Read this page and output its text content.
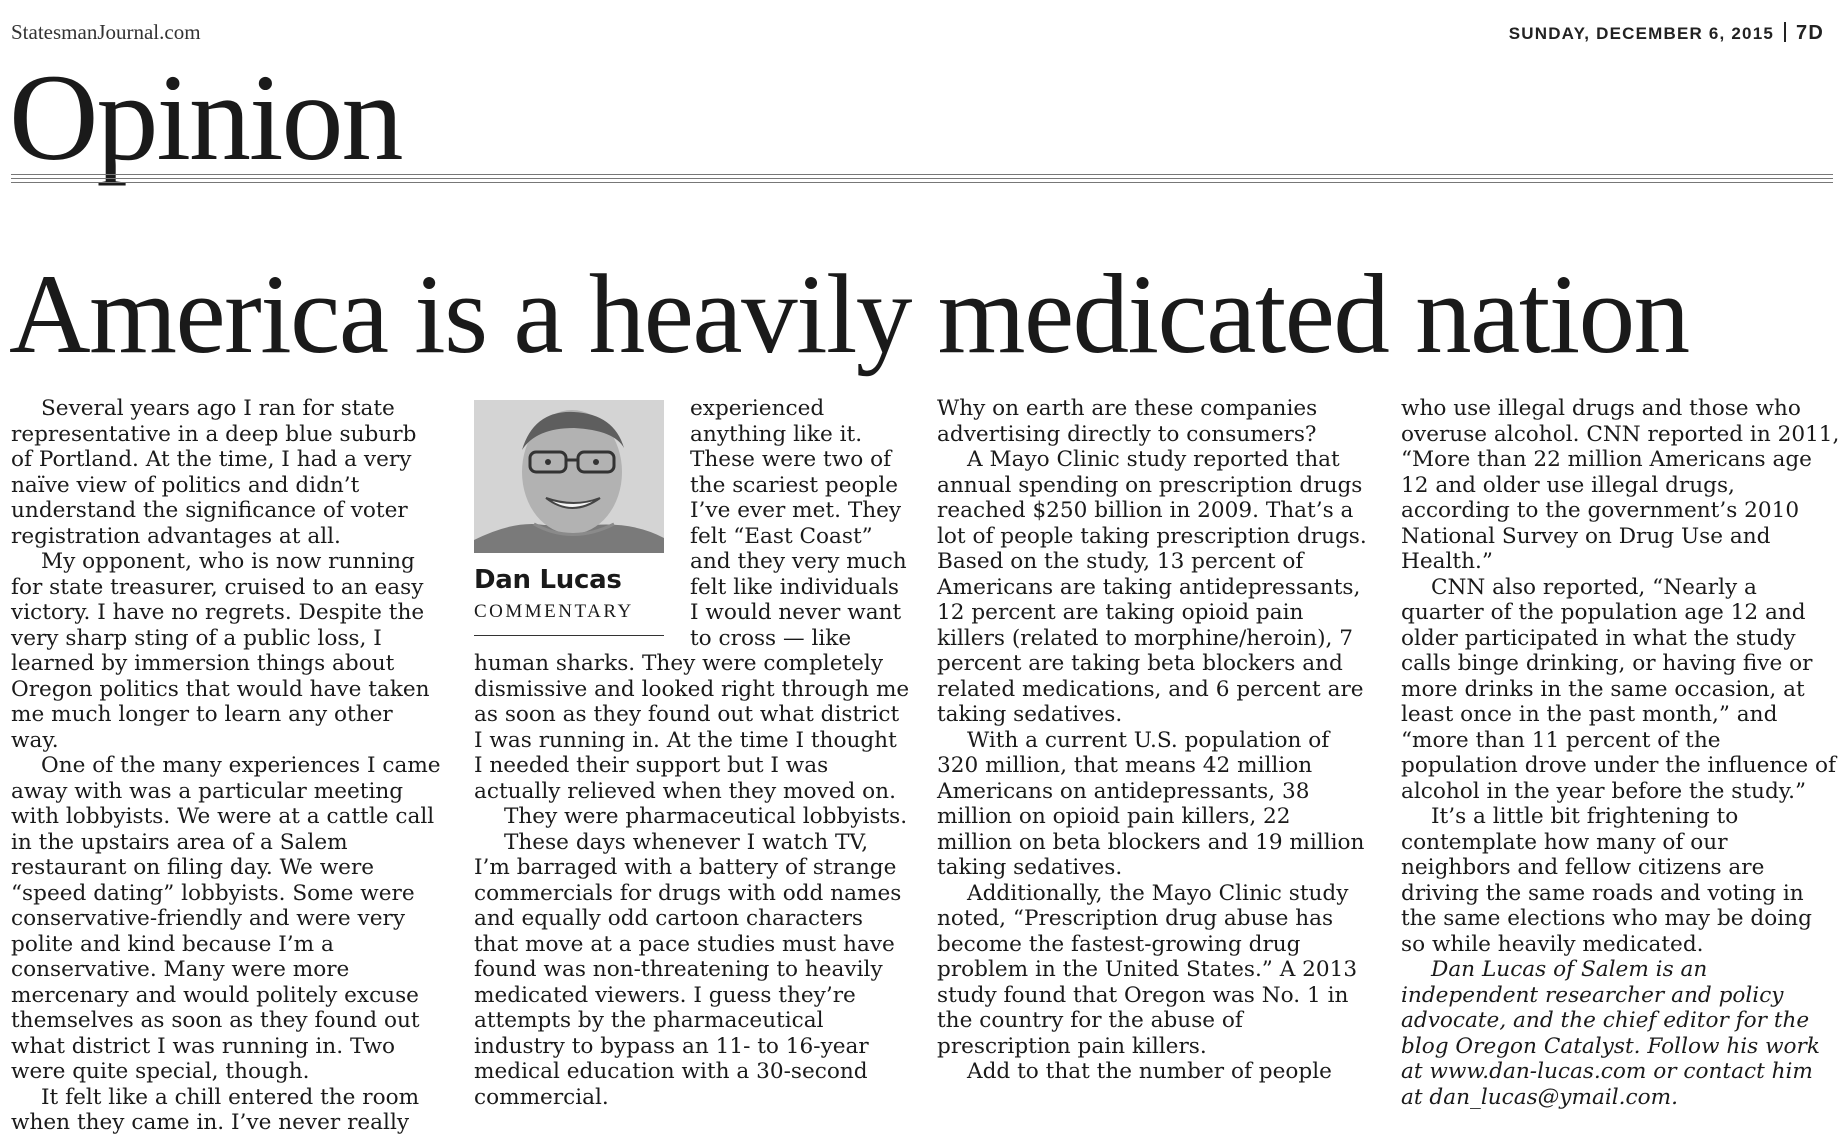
StatesmanJournal.com	SUNDAY, DECEMBER 6, 2015 7D
Opinion
America is a heavily medicated nation

Several years ago I ran for state representative in a deep blue suburb of Portland. At the time, I had a very naïve view of politics and didn’t understand the significance of voter registration advantages at all.

My opponent, who is now running for state treasurer, cruised to an easy victory. I have no regrets. Despite the very sharp sting of a public loss, I learned by immersion things about Oregon politics that would have taken me much longer to learn any other way.

One of the many experiences I came away with was a particular meeting with lobbyists. We were at a cattle call in the upstairs area of a Salem restaurant on filing day. We were “speed dating” lobbyists. Some were conservative-friendly and were very polite and kind because I’m a conservative. Many were more mercenary and would politely excuse themselves as soon as they found out what district I was running in. Two were quite special, though.

It felt like a chill entered the room when they came in. I’ve never really

Dan Lucas
COMMENTARY

experienced anything like it. These were two of the scariest people I’ve ever met. They felt “East Coast” and they very much felt like individuals I would never want to cross — like human sharks. They were completely dismissive and looked right through me as soon as they found out what district I was running in. At the time I thought I needed their support but I was actually relieved when they moved on.

They were pharmaceutical lobbyists.

These days whenever I watch TV, I’m barraged with a battery of strange commercials for drugs with odd names and equally odd cartoon characters that move at a pace studies must have found was non-threatening to heavily medicated viewers. I guess they’re attempts by the pharmaceutical industry to bypass an 11- to 16-year medical education with a 30-second commercial.

Why on earth are these companies advertising directly to consumers?

A Mayo Clinic study reported that annual spending on prescription drugs reached $250 billion in 2009. That’s a lot of people taking prescription drugs. Based on the study, 13 percent of Americans are taking antidepressants, 12 percent are taking opioid pain killers (related to morphine/heroin), 7 percent are taking beta blockers and related medications, and 6 percent are taking sedatives.

With a current U.S. population of 320 million, that means 42 million Americans on antidepressants, 38 million on opioid pain killers, 22 million on beta blockers and 19 million taking sedatives.

Additionally, the Mayo Clinic study noted, “Prescription drug abuse has become the fastest-growing drug problem in the United States.” A 2013 study found that Oregon was No. 1 in the country for the abuse of prescription pain killers.

Add to that the number of people

who use illegal drugs and those who overuse alcohol. CNN reported in 2011, “More than 22 million Americans age 12 and older use illegal drugs, according to the government’s 2010 National Survey on Drug Use and Health.”

CNN also reported, “Nearly a quarter of the population age 12 and older participated in what the study calls binge drinking, or having five or more drinks in the same occasion, at least once in the past month,” and “more than 11 percent of the population drove under the influence of alcohol in the year before the study.”

It’s a little bit frightening to contemplate how many of our neighbors and fellow citizens are driving the same roads and voting in the same elections who may be doing so while heavily medicated.

Dan Lucas of Salem is an independent researcher and policy advocate, and the chief editor for the blog Oregon Catalyst. Follow his work at www.dan-lucas.com or contact him at dan_lucas@ymail.com.
